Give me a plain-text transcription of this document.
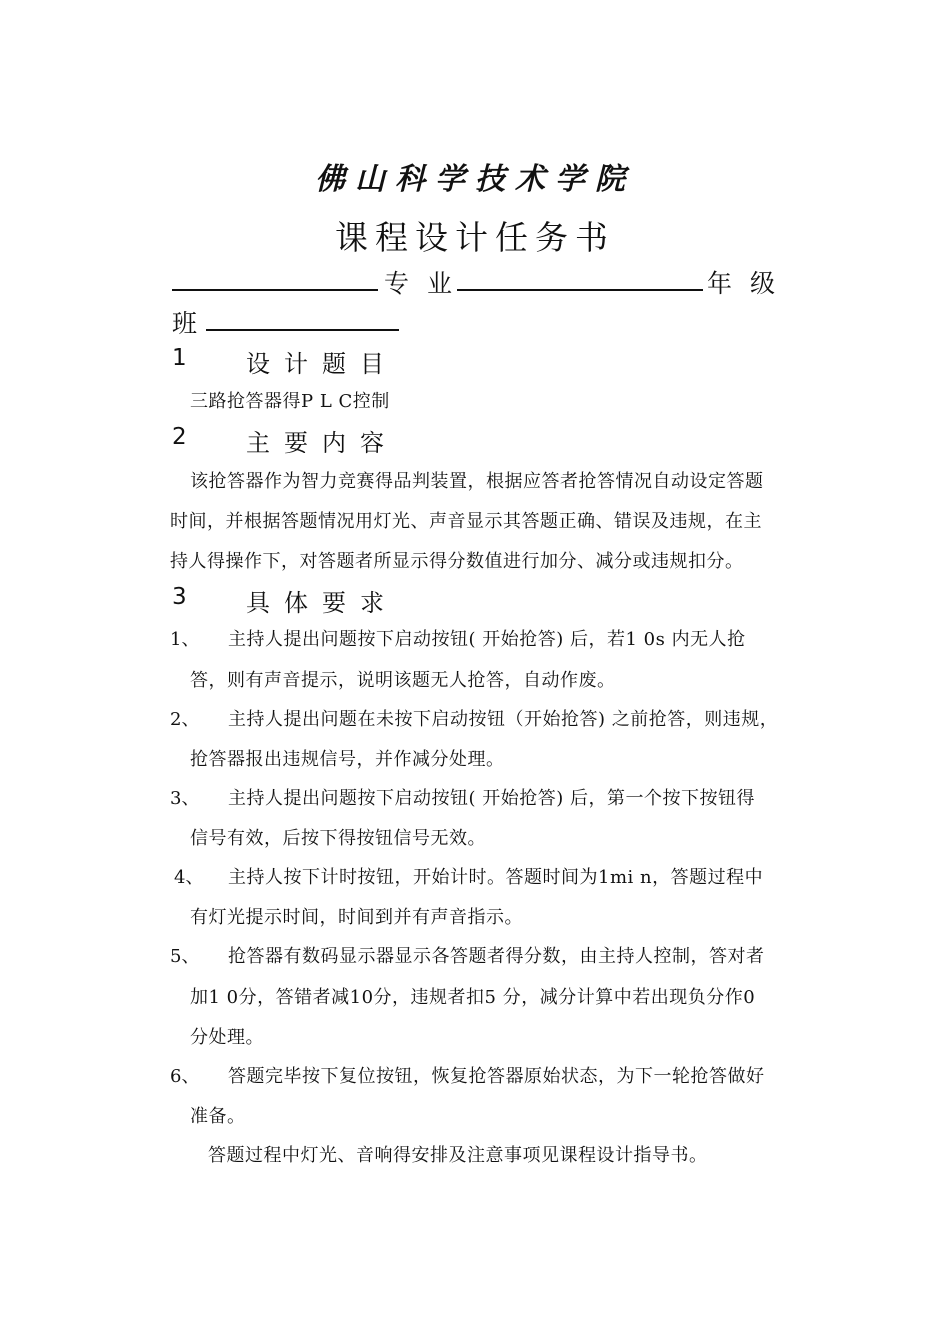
佛山科学技术学院
课程设计任务书
专业	年级
班
1 设计题目
三路抢答器得P L C控制
2 主要内容
该抢答器作为智力竞赛得品判装置，根据应答者抢答情况自动设定答题
时间，并根据答题情况用灯光、声音显示其答题正确、错误及违规，在主
持人得操作下，对答题者所显示得分数值进行加分、减分或违规扣分。
3 具体要求
1、 主持人提出问题按下启动按钮( 开始抢答) 后，若1 0s 内无人抢
答，则有声音提示，说明该题无人抢答，自动作废。
2、 主持人提出问题在未按下启动按钮（开始抢答) 之前抢答，则违规，
抢答器报出违规信号，并作减分处理。
3、 主持人提出问题按下启动按钮( 开始抢答) 后，第一个按下按钮得
信号有效，后按下得按钮信号无效。
4、 主持人按下计时按钮，开始计时。答题时间为1mi n，答题过程中
有灯光提示时间，时间到并有声音指示。
5、 抢答器有数码显示器显示各答题者得分数，由主持人控制，答对者
加1 0分，答错者减10分，违规者扣5 分，减分计算中若出现负分作0
分处理。
6、 答题完毕按下复位按钮，恢复抢答器原始状态，为下一轮抢答做好
准备。
答题过程中灯光、音响得安排及注意事项见课程设计指导书。
